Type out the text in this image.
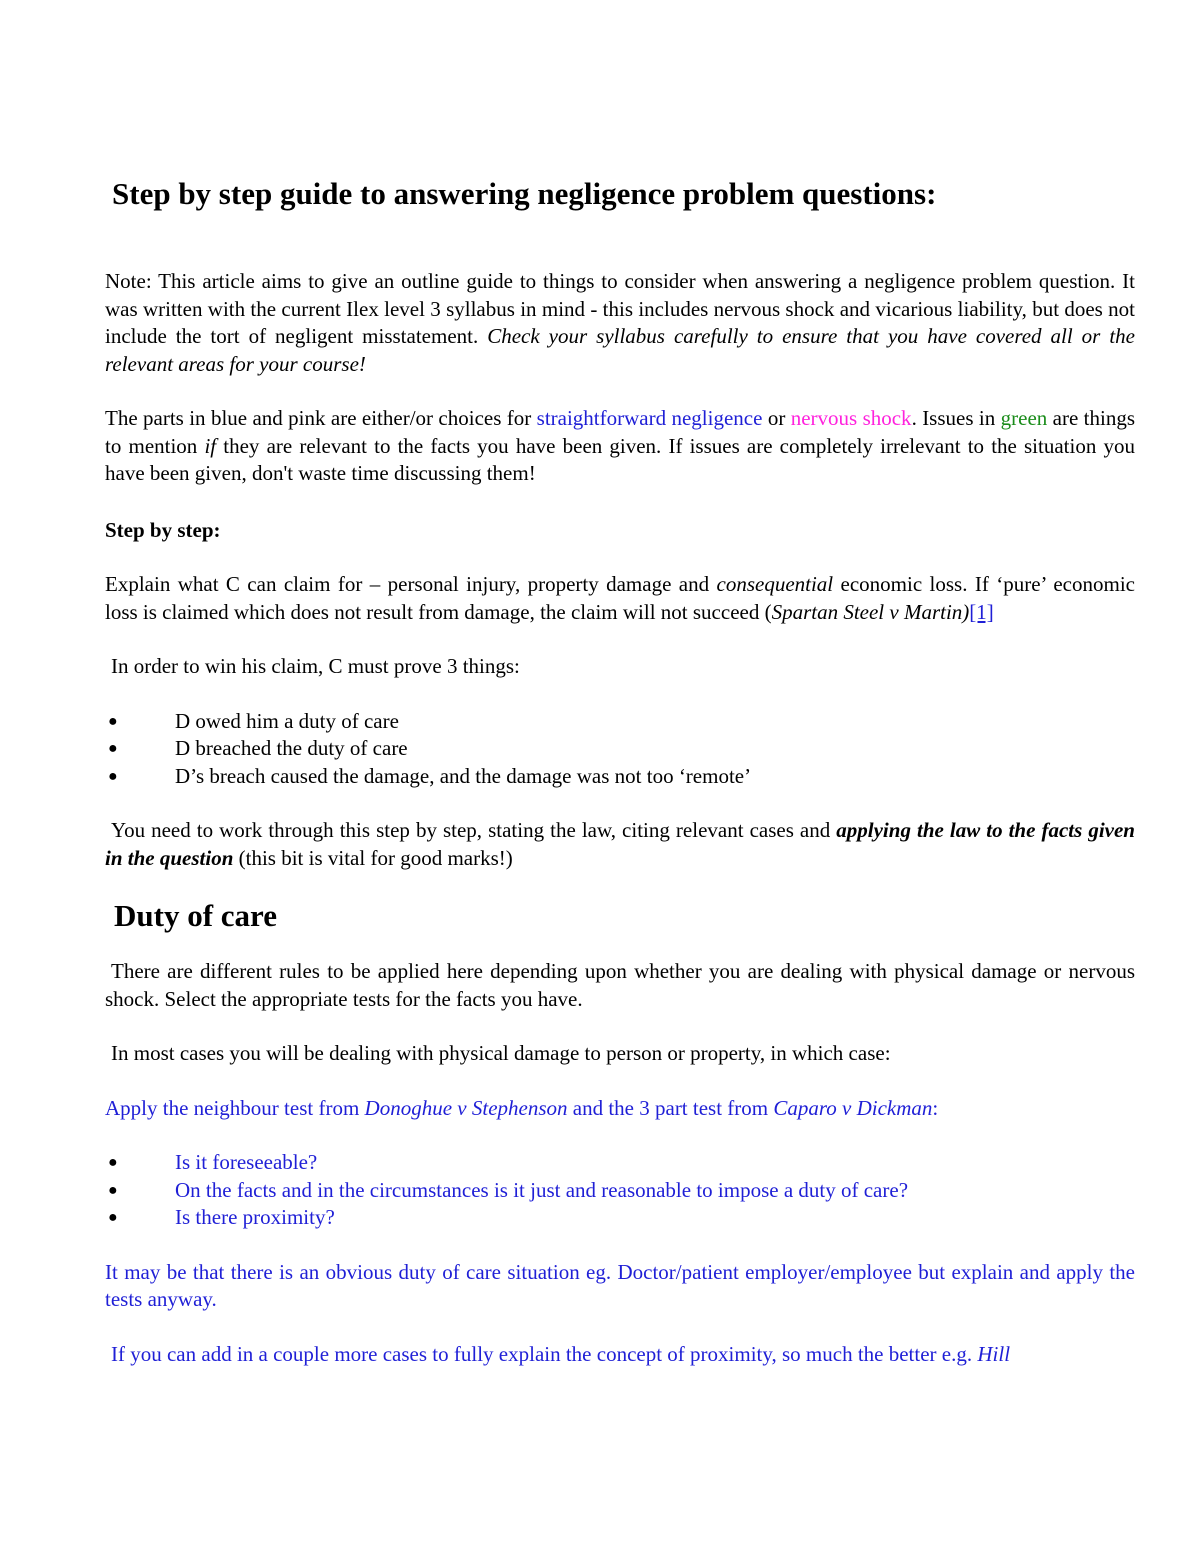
Step by step guide to answering negligence problem questions:

Note: This article aims to give an outline guide to things to consider when answering a negligence problem question. It was written with the current Ilex level 3 syllabus in mind - this includes nervous shock and vicarious liability, but does not include the tort of negligent misstatement. Check your syllabus carefully to ensure that you have covered all or the relevant areas for your course!

The parts in blue and pink are either/or choices for straightforward negligence or nervous shock. Issues in green are things to mention if they are relevant to the facts you have been given. If issues are completely irrelevant to the situation you have been given, don't waste time discussing them!

Step by step:

Explain what C can claim for – personal injury, property damage and consequential economic loss. If ‘pure’ economic loss is claimed which does not result from damage, the claim will not succeed (Spartan Steel v Martin)[1]

In order to win his claim, C must prove 3 things:

●	D owed him a duty of care
●	D breached the duty of care
●	D’s breach caused the damage, and the damage was not too ‘remote’

You need to work through this step by step, stating the law, citing relevant cases and applying the law to the facts given in the question (this bit is vital for good marks!)

Duty of care

There are different rules to be applied here depending upon whether you are dealing with physical damage or nervous shock. Select the appropriate tests for the facts you have.

In most cases you will be dealing with physical damage to person or property, in which case:

Apply the neighbour test from Donoghue v Stephenson and the 3 part test from Caparo v Dickman:

●	Is it foreseeable?
●	On the facts and in the circumstances is it just and reasonable to impose a duty of care?
●	Is there proximity?

It may be that there is an obvious duty of care situation eg. Doctor/patient employer/employee but explain and apply the tests anyway.

If you can add in a couple more cases to fully explain the concept of proximity, so much the better e.g. Hill
